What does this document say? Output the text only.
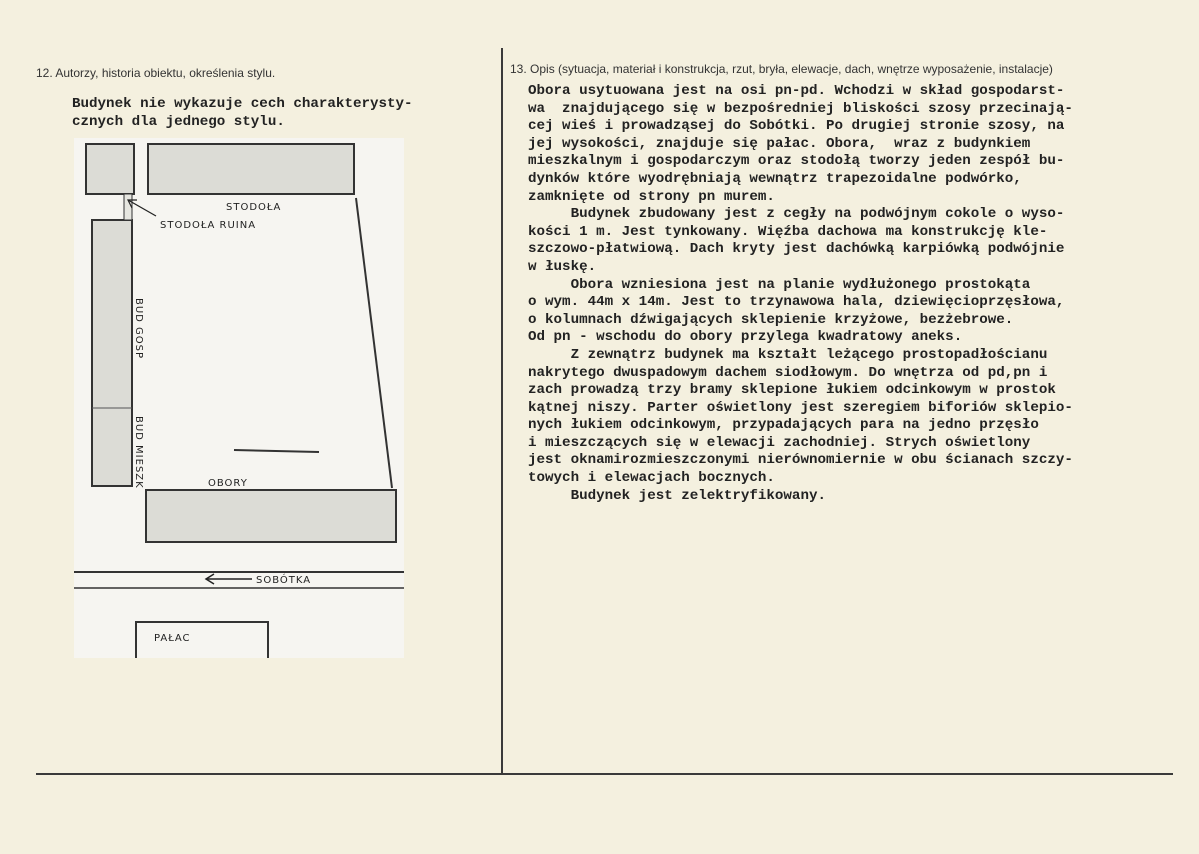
12. Autorzy, historia obiektu, określenia stylu.	13. Opis (sytuacja, materiał i konstrukcja, rzut, bryła, elewacje, dach, wnętrze wyposażenie, instalacje)
Budynek nie wykazuje cech charakterysty-
cznych dla jednego stylu.
Obora usytuowana jest na osi pn-pd. Wchodzi w skład gospodarst-
wa  znajdującego się w bezpośredniej bliskości szosy przecinają-
cej wieś i prowadząsej do Sobótki. Po drugiej stronie szosy, na
jej wysokości, znajduje się pałac. Obora,  wraz z budynkiem
mieszkalnym i gospodarczym oraz stodołą tworzy jeden zespół bu-
dynków które wyodrębniają wewnątrz trapezoidalne podwórko,
zamknięte od strony pn murem.
Budynek zbudowany jest z cegły na podwójnym cokole o wyso-
kości 1 m. Jest tynkowany. Więźba dachowa ma konstrukcję kle-
szczowo-płatwiową. Dach kryty jest dachówką karpiówką podwójnie
w łuskę.
Obora wzniesiona jest na planie wydłużonego prostokąta
o wym. 44m x 14m. Jest to trzynawowa hala, dziewięcioprzęsłowa,
o kolumnach dźwigających sklepienie krzyżowe, bezżebrowe.
Od pn - wschodu do obory przylega kwadratowy aneks.
Z zewnątrz budynek ma kształt leżącego prostopadłościanu
nakrytego dwuspadowym dachem siodłowym. Do wnętrza od pd,pn i
zach prowadzą trzy bramy sklepione łukiem odcinkowym w prostok
kątnej niszy. Parter oświetlony jest szeregiem biforiów sklepio-
nych łukiem odcinkowym, przypadających para na jedno przęsło
i mieszczących się w elewacji zachodniej. Strych oświetlony
jest oknamirozmieszczonymi nierównomiernie w obu ścianach szczy-
towych i elewacjach bocznych.
Budynek jest zelektryfikowany.
STODOŁA
STODOŁA RUINA
BUD GOSP
BUD MIESZK	OBORY
SOBÓTKA
PAŁAC
